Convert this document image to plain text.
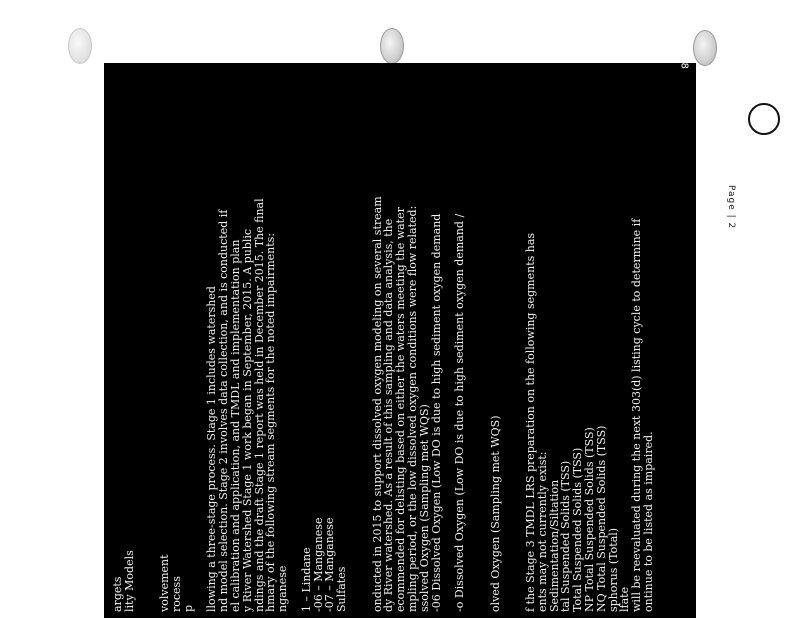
Page | 2
October 2018
argets
lity Models volvement
rocess
p llowing a three-stage process. Stage 1 includes watershed
nd model selection. Stage 2 involves data collection, and is conducted if
el calibration and application, and TMDL and implementation plan
y River Watershed Stage 1 work began in September, 2015. A public
ndings and the draft Stage 1 report was held in December 2015. The final
hmary of the following stream segments for the noted impairments:
nganese 1 – Lindane
-06 – Manganese
-07 – Manganese
Sulfates onducted in 2015 to support dissolved oxygen modeling on several stream
dy River watershed. As a result of this sampling and data analysis, the
ecommended for delisting based on either the waters meeting the water
mpling period, or the low dissolved oxygen conditions were flow related:
ssolved Oxygen (Sampling met WQS)
-06 Dissolved Oxygen (Low DO is due to high sediment oxygen demand -o Dissolved Oxygen (Low DO is due to high sediment oxygen demand / olved Oxygen (Sampling met WQS) f the Stage 3 TMDL LRS preparation on the following segments has
ents may not currently exist:
Sedimentation/Siltation
tal Suspended Solids (TSS)
Total Suspended Solids (TSS)
NP Total Suspended Solids (TSS)
NQ Total Suspended Solids (TSS)
sphorus (Total)
lfate
will be reevaluated during the next 303(d) listing cycle to determine if
ontinue to be listed as impaired.
